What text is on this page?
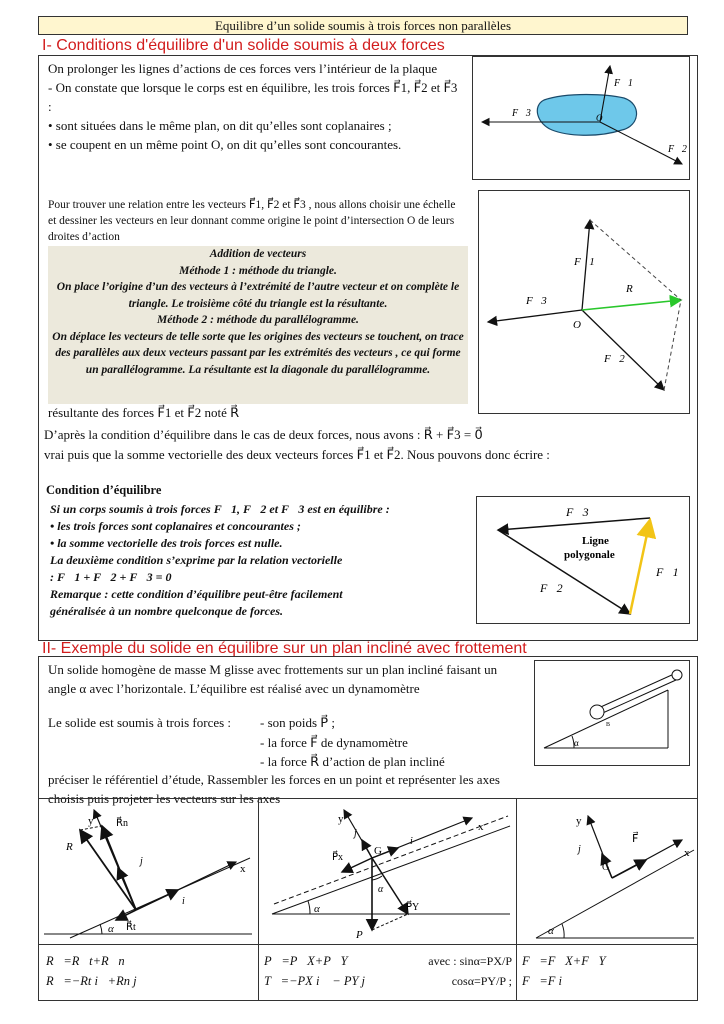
Equilibre d’un solide soumis à trois forces non parallèles
I- Conditions d'équilibre d'un solide soumis à deux forces

On prolonger les lignes d’actions de ces forces vers l’intérieur de la plaque

- On constate que lorsque le corps est en équilibre, les trois forces F⃗1, F⃗2 et F⃗3 :

• sont situées dans le même plan, on dit qu’elles sont coplanaires ;

• se coupent en un même point O, on dit qu’elles sont concourantes.

Pour trouver une relation entre les vecteurs F⃗1, F⃗2 et F⃗3 , nous allons choisir une échelle et dessiner les vecteurs en leur donnant comme origine le point d’intersection O de leurs droites d’action
Addition de vecteurs
Méthode 1 : méthode du triangle.
On place l’origine d’un des vecteurs à l’extrémité de l’autre vecteur et on complète le triangle. Le troisième côté du triangle est la résultante.
Méthode 2 : méthode du parallélogramme.
On déplace les vecteurs de telle sorte que les origines des vecteurs se touchent, on trace des parallèles aux deux vecteurs passant par les extrémités des vecteurs , ce qui forme un parallélogramme. La résultante est la diagonale du parallélogramme.
résultante des forces F⃗1 et F⃗2 noté R⃗
D’après la condition d’équilibre dans le cas de deux forces, nous avons : R⃗ + F⃗3 = 0⃗
vrai puis que la somme vectorielle des deux vecteurs forces F⃗1 et F⃗2. Nous pouvons donc écrire :
Condition d’équilibre
Si un corps soumis à trois forces F⃗1, F⃗2 et F⃗3 est en équilibre :
• les trois forces sont coplanaires et concourantes ;
• la somme vectorielle des trois forces est nulle.
La deuxième condition s’exprime par la relation vectorielle
: F⃗1 + F⃗2 + F⃗3 = 0⃗
Remarque : cette condition d’équilibre peut-être facilement
généralisée à un nombre quelconque de forces.
F⃗1
F⃗3
F⃗2
O
F⃗1
F⃗3
F⃗2
R⃗
O
F⃗3
F⃗2
F⃗1
Ligne
polygonale
II- Exemple du solide en équilibre sur un plan incliné avec frottement
Un solide homogène de masse M glisse avec frottements sur un plan incliné faisant un angle α avec l’horizontale. L’équilibre est réalisé avec un dynamomètre
Le solide est soumis à trois forces : - son poids P⃗ ;
- la force F⃗ de dynamomètre
- la force R⃗ d’action de plan incliné
préciser le référentiel d’étude, Rassembler les forces en un point et représenter les axes choisis puis projeter les vecteurs sur les axes
α
B
y
x
R⃗n
R⃗
j⃗
i⃗
R⃗t
α
y
x
P⃗x
G
j⃗
i⃗
α
α
P⃗Y
P⃗
y
x
j⃗
F⃗
G
α
R⃗=R⃗t+R⃗n
R⃗=−Rt i⃗+Rn j⃗
P⃗=P⃗X+P⃗Y
T⃗=−PX i⃗ − PY j⃗
avec : sinα=PX/P
cosα=PY/P ;
F⃗=F⃗X+F⃗Y
F⃗=F i⃗
